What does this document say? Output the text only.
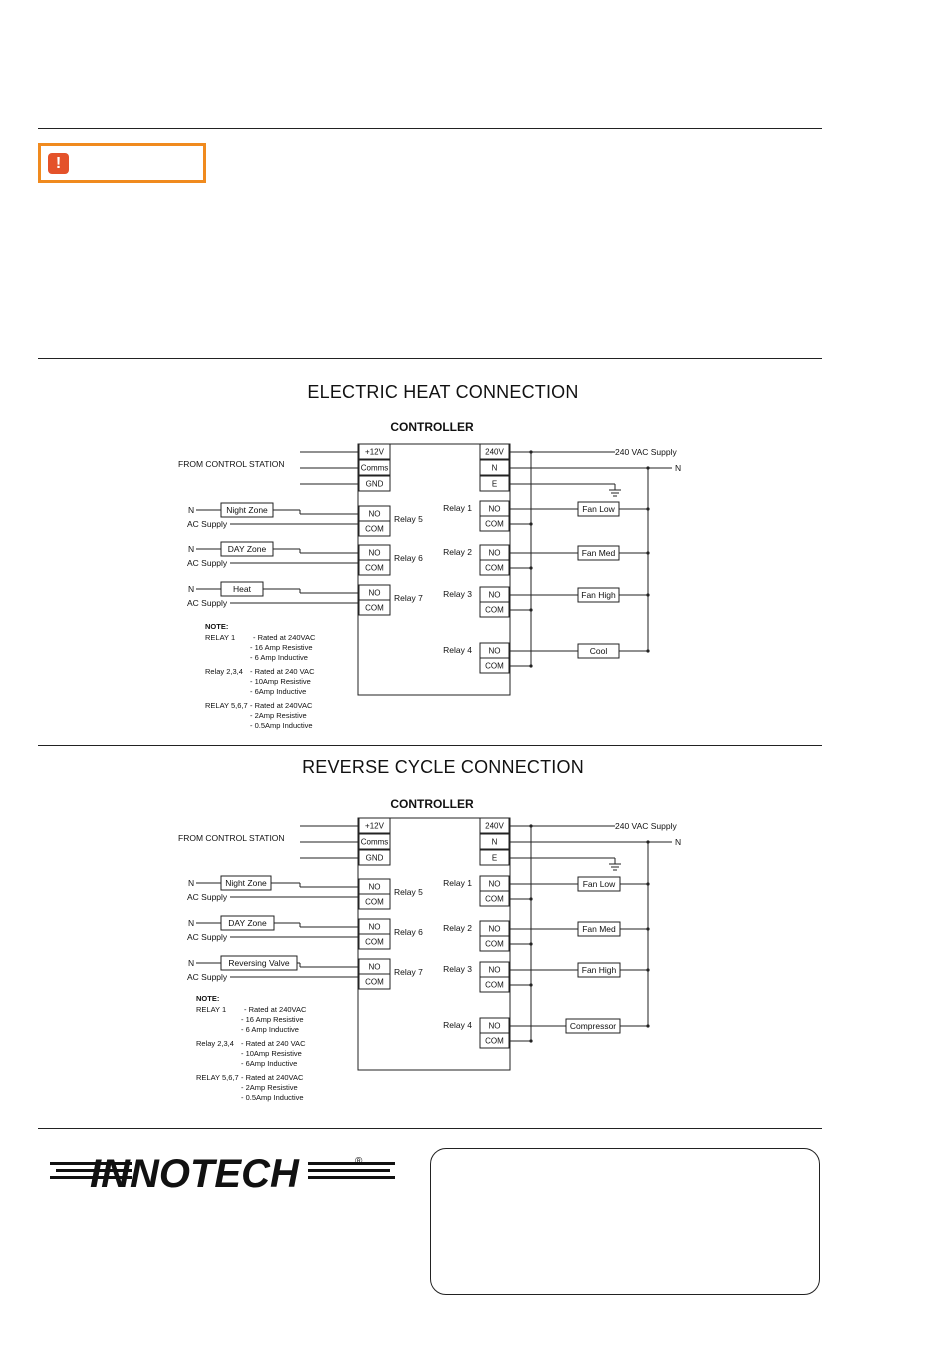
!
ELECTRIC HEAT CONNECTION
CONTROLLER
+12V
Comms
GND
FROM CONTROL STATION
240V
N
E
240 VAC Supply
N
NO
COM
Relay 5
N	Night Zone
AC Supply
NO
COM
Relay 6
N	DAY Zone
AC Supply
NO
COM
Relay 7
N	Heat
AC Supply
NO
COM
Relay 1	Fan Low
NO
COM
Relay 2	Fan Med
NO
COM
Relay 3	Fan High
NO
COM
Relay 4	Cool
NOTE:
RELAY 1 - Rated at 240VAC
- 16 Amp Resistive
- 6 Amp Inductive
Relay 2,3,4 - Rated at 240 VAC
- 10Amp Resistive
- 6Amp Inductive
RELAY 5,6,7 - Rated at 240VAC
- 2Amp Resistive
- 0.5Amp Inductive
REVERSE CYCLE CONNECTION
CONTROLLER
+12V
Comms
GND
FROM CONTROL STATION
240V
N
E
240 VAC Supply
N
NO
COM
Relay 5
N	Night Zone
AC Supply
NO
COM
Relay 6
N	DAY Zone
AC Supply
NO
COM
Relay 7
N	Reversing Valve
AC Supply
NO
COM
Relay 1	Fan Low
NO
COM
Relay 2	Fan Med
NO
COM
Relay 3	Fan High
NO
COM
Relay 4	Compressor
NOTE:
RELAY 1 - Rated at 240VAC
- 16 Amp Resistive
- 6 Amp Inductive
Relay 2,3,4 - Rated at 240 VAC
- 10Amp Resistive
- 6Amp Inductive
RELAY 5,6,7 - Rated at 240VAC
- 2Amp Resistive
- 0.5Amp Inductive
INNOTECH	®
